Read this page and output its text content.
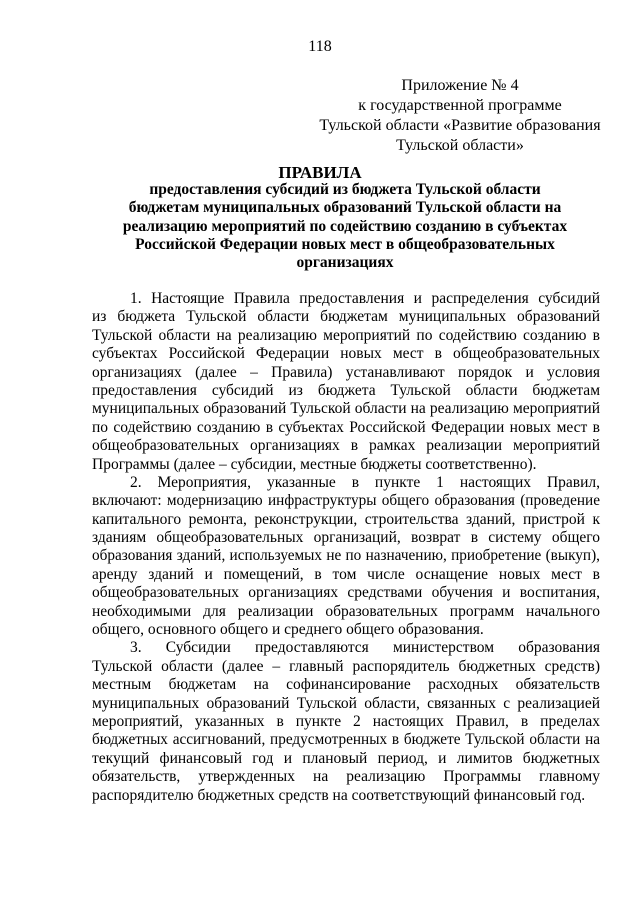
118
Приложение № 4
к государственной программе
Тульской области «Развитие образования
Тульской области»
ПРАВИЛА
предоставления субсидий из бюджета Тульской области
бюджетам муниципальных образований Тульской области на
реализацию мероприятий по содействию созданию в субъектах
Российской Федерации новых мест в общеобразовательных
организациях
1. Настоящие Правила предоставления и распределения субсидий
из бюджета Тульской области бюджетам муниципальных образований
Тульской области на реализацию мероприятий по содействию созданию в
субъектах Российской Федерации новых мест в общеобразовательных
организациях (далее – Правила) устанавливают порядок и условия
предоставления субсидий из бюджета Тульской области бюджетам
муниципальных образований Тульской области на реализацию мероприятий
по содействию созданию в субъектах Российской Федерации новых мест в
общеобразовательных организациях в рамках реализации мероприятий
Программы (далее – субсидии, местные бюджеты соответственно).
2. Мероприятия, указанные в пункте 1 настоящих Правил,
включают: модернизацию инфраструктуры общего образования (проведение
капитального ремонта, реконструкции, строительства зданий, пристрой к
зданиям общеобразовательных организаций, возврат в систему общего
образования зданий, используемых не по назначению, приобретение (выкуп),
аренду зданий и помещений, в том числе оснащение новых мест в
общеобразовательных организациях средствами обучения и воспитания,
необходимыми для реализации образовательных программ начального
общего, основного общего и среднего общего образования.
3. Субсидии предоставляются министерством образования
Тульской области (далее – главный распорядитель бюджетных средств)
местным бюджетам на софинансирование расходных обязательств
муниципальных образований Тульской области, связанных с реализацией
мероприятий, указанных в пункте 2 настоящих Правил, в пределах
бюджетных ассигнований, предусмотренных в бюджете Тульской области на
текущий финансовый год и плановый период, и лимитов бюджетных
обязательств, утвержденных на реализацию Программы главному
распорядителю бюджетных средств на соответствующий финансовый год.
